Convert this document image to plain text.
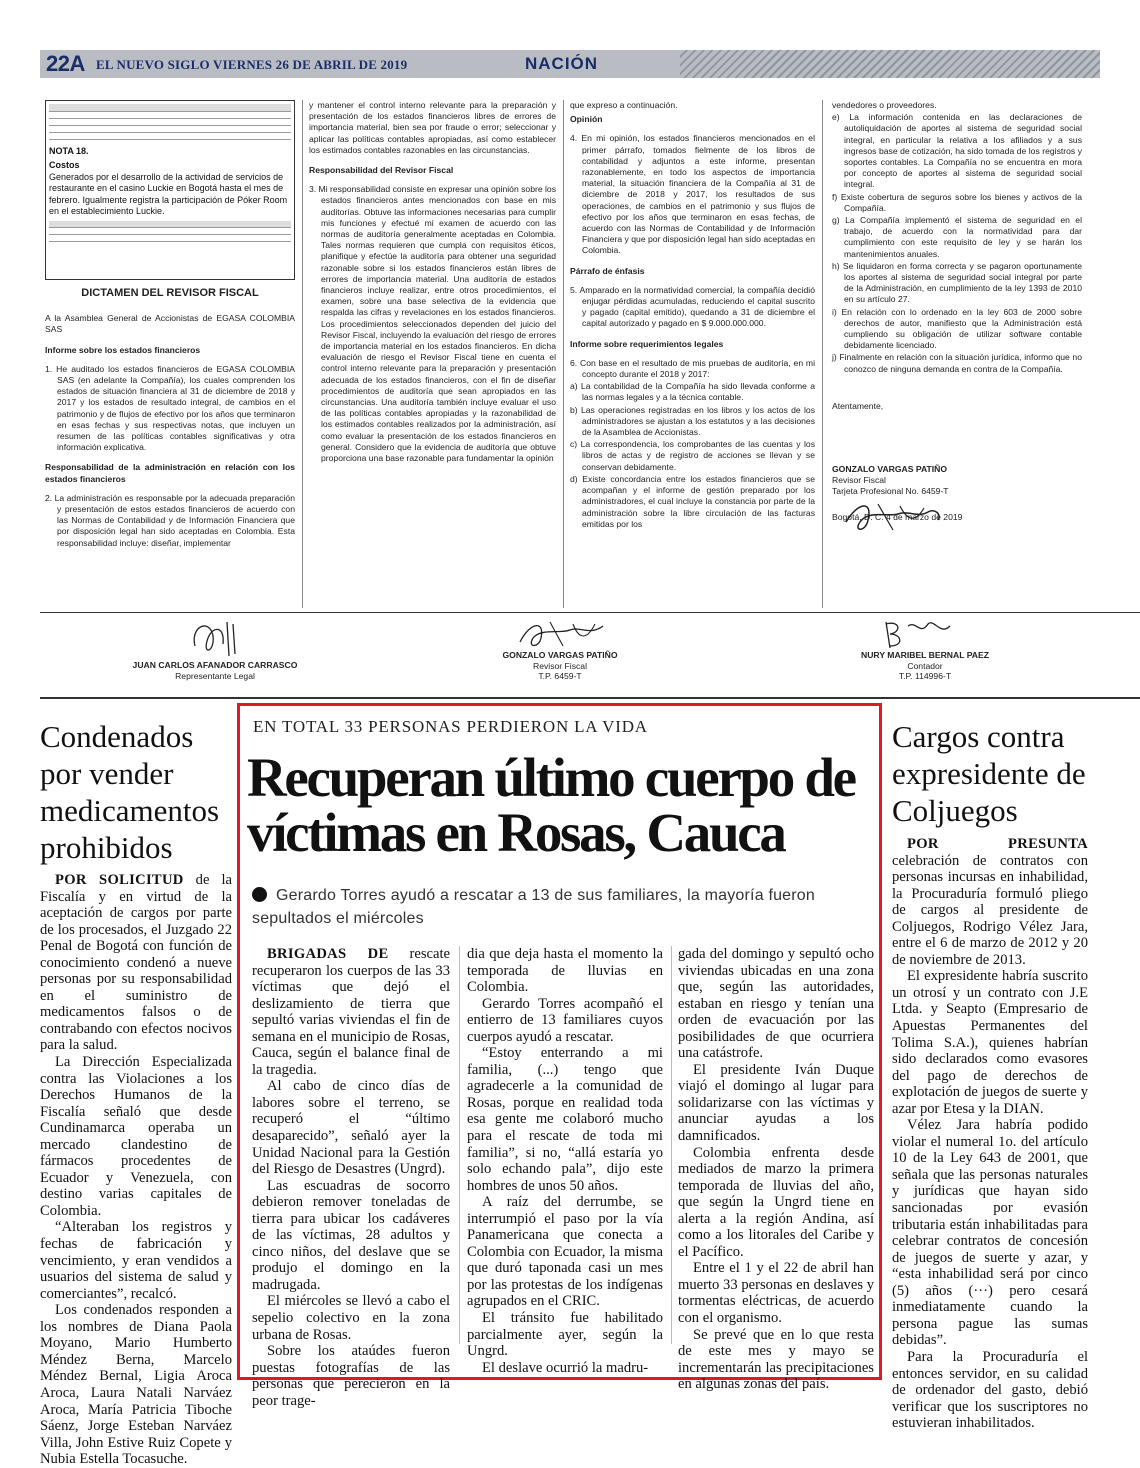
22A EL NUEVO SIGLO VIERNES 26 DE ABRIL DE 2019	NACIÓN

NOTA 18.
Costos
Generados por el desarrollo de la actividad de servicios de restaurante en el casino Luckie en Bogotá hasta el mes de febrero. Igualmente registra la participación de Póker Room en el establecimiento Luckie.

DICTAMEN DEL REVISOR FISCAL

A la Asamblea General de Accionistas de EGASA COLOMBIA SAS

Informe sobre los estados financieros

1. He auditado los estados financieros de EGASA COLOMBIA SAS (en adelante la Compañía), los cuales comprenden los estados de situación financiera al 31 de diciembre de 2018 y 2017 y los estados de resultado integral, de cambios en el patrimonio y de flujos de efectivo por los años que terminaron en esas fechas y sus respectivas notas, que incluyen un resumen de las políticas contables significativas y otra información explicativa.

Responsabilidad de la administración en relación con los estados financieros

2. La administración es responsable por la adecuada preparación y presentación de estos estados financieros de acuerdo con las Normas de Contabilidad y de Información Financiera que por disposición legal han sido aceptadas en Colombia. Esta responsabilidad incluye: diseñar, implementar

y mantener el control interno relevante para la preparación y presentación de los estados financieros libres de errores de importancia material, bien sea por fraude o error; seleccionar y aplicar las políticas contables apropiadas, así como establecer los estimados contables razonables en las circunstancias.

Responsabilidad del Revisor Fiscal

3. Mi responsabilidad consiste en expresar una opinión sobre los estados financieros antes mencionados con base en mis auditorías. Obtuve las informaciones necesarias para cumplir mis funciones y efectué mi examen de acuerdo con las normas de auditoría generalmente aceptadas en Colombia. Tales normas requieren que cumpla con requisitos éticos, planifique y efectúe la auditoría para obtener una seguridad razonable sobre si los estados financieros están libres de errores de importancia material. Una auditoría de estados financieros incluye realizar, entre otros procedimientos, el examen, sobre una base selectiva de la evidencia que respalda las cifras y revelaciones en los estados financieros. Los procedimientos seleccionados dependen del juicio del Revisor Fiscal, incluyendo la evaluación del riesgo de errores de importancia material en los estados financieros. En dicha evaluación de riesgo el Revisor Fiscal tiene en cuenta el control interno relevante para la preparación y presentación adecuada de los estados financieros, con el fin de diseñar procedimientos de auditoría que sean apropiados en las circunstancias. Una auditoría también incluye evaluar el uso de las políticas contables apropiadas y la razonabilidad de los estimados contables realizados por la administración, así como evaluar la presentación de los estados financieros en general. Considero que la evidencia de auditoría que obtuve proporciona una base razonable para fundamentar la opinión

que expreso a continuación.

Opinión

4. En mi opinión, los estados financieros mencionados en el primer párrafo, tomados fielmente de los libros de contabilidad y adjuntos a este informe, presentan razonablemente, en todo los aspectos de importancia material, la situación financiera de la Compañía al 31 de diciembre de 2018 y 2017, los resultados de sus operaciones, de cambios en el patrimonio y sus flujos de efectivo por los años que terminaron en esas fechas, de acuerdo con las Normas de Contabilidad y de Información Financiera y que por disposición legal han sido aceptadas en Colombia.

Párrafo de énfasis

5. Amparado en la normatividad comercial, la compañía decidió enjugar pérdidas acumuladas, reduciendo el capital suscrito y pagado (capital emitido), quedando a 31 de diciembre el capital autorizado y pagado en $ 9.000.000.000.

Informe sobre requerimientos legales

6. Con base en el resultado de mis pruebas de auditoría, en mi concepto durante el 2018 y 2017:

a) La contabilidad de la Compañía ha sido llevada conforme a las normas legales y a la técnica contable.

b) Las operaciones registradas en los libros y los actos de los administradores se ajustan a los estatutos y a las decisiones de la Asamblea de Accionistas.

c) La correspondencia, los comprobantes de las cuentas y los libros de actas y de registro de acciones se llevan y se conservan debidamente.

d) Existe concordancia entre los estados financieros que se acompañan y el informe de gestión preparado por los administradores, el cual incluye la constancia por parte de la administración sobre la libre circulación de las facturas emitidas por los

vendedores o proveedores.

e) La información contenida en las declaraciones de autoliquidación de aportes al sistema de seguridad social integral, en particular la relativa a los afiliados y a sus ingresos base de cotización, ha sido tomada de los registros y soportes contables. La Compañía no se encuentra en mora por concepto de aportes al sistema de seguridad social integral.

f) Existe cobertura de seguros sobre los bienes y activos de la Compañía.

g) La Compañía implementó el sistema de seguridad en el trabajo, de acuerdo con la normatividad para dar cumplimiento con este requisito de ley y se harán los mantenimientos anuales.

h) Se liquidaron en forma correcta y se pagaron oportunamente los aportes al sistema de seguridad social integral por parte de la Administración, en cumplimiento de la ley 1393 de 2010 en su artículo 27.

i) En relación con lo ordenado en la ley 603 de 2000 sobre derechos de autor, manifiesto que la Administración está cumpliendo su obligación de utilizar software contable debidamente licenciado.

j) Finalmente en relación con la situación jurídica, informo que no conozco de ninguna demanda en contra de la Compañía.

Atentamente,

GONZALO VARGAS PATIÑO
Revisor Fiscal
Tarjeta Profesional No. 6459-T
Bogotá, D. C. 4 de marzo de 2019
JUAN CARLOS AFANADOR CARRASCO
Representante Legal
GONZALO VARGAS PATIÑO
Revisor Fiscal
T.P. 6459-T
NURY MARIBEL BERNAL PAEZ
Contador
T.P. 114996-T
Condenados por vender medicamentos prohibidos

POR SOLICITUD de la Fiscalía y en virtud de la aceptación de cargos por parte de los procesados, el Juzgado 22 Penal de Bogotá con función de conocimiento condenó a nueve personas por su responsabilidad en el suministro de medicamentos falsos o de contrabando con efectos nocivos para la salud.

La Dirección Especializada contra las Violaciones a los Derechos Humanos de la Fiscalía señaló que desde Cundinamarca operaba un mercado clandestino de fármacos procedentes de Ecuador y Venezuela, con destino varias capitales de Colombia.

“Alteraban los registros y fechas de fabricación y vencimiento, y eran vendidos a usuarios del sistema de salud y comerciantes”, recalcó.

Los condenados responden a los nombres de Diana Paola Moyano, Mario Humberto Méndez Berna, Marcelo Méndez Bernal, Ligia Aroca Aroca, Laura Natali Narváez Aroca, María Patricia Tiboche Sáenz, Jorge Esteban Narváez Villa, John Estive Ruiz Copete y Nubia Estella Tocasuche.

EN TOTAL 33 PERSONAS PERDIERON LA VIDA
Recuperan último cuerpo de víctimas en Rosas, Cauca
Gerardo Torres ayudó a rescatar a 13 de sus familiares, la mayoría fueron sepultados el miércoles

BRIGADAS DE rescate recuperaron los cuerpos de las 33 víctimas que dejó el deslizamiento de tierra que sepultó varias viviendas el fin de semana en el municipio de Rosas, Cauca, según el balance final de la tragedia.

Al cabo de cinco días de labores sobre el terreno, se recuperó el “último desaparecido”, señaló ayer la Unidad Nacional para la Gestión del Riesgo de Desastres (Ungrd).

Las escuadras de socorro debieron remover toneladas de tierra para ubicar los cadáveres de las víctimas, 28 adultos y cinco niños, del deslave que se produjo el domingo en la madrugada.

El miércoles se llevó a cabo el sepelio colectivo en la zona urbana de Rosas.

Sobre los ataúdes fueron puestas fotografías de las personas que perecieron en la peor trage-

dia que deja hasta el momento la temporada de lluvias en Colombia.

Gerardo Torres acompañó el entierro de 13 familiares cuyos cuerpos ayudó a rescatar.

“Estoy enterrando a mi familia, (...) tengo que agradecerle a la comunidad de Rosas, porque en realidad toda esa gente me colaboró mucho para el rescate de toda mi familia”, si no, “allá estaría yo solo echando pala”, dijo este hombres de unos 50 años.

A raíz del derrumbe, se interrumpió el paso por la vía Panamericana que conecta a Colombia con Ecuador, la misma que duró taponada casi un mes por las protestas de los indígenas agrupados en el CRIC.

El tránsito fue habilitado parcialmente ayer, según la Ungrd.

El deslave ocurrió la madru-

gada del domingo y sepultó ocho viviendas ubicadas en una zona que, según las autoridades, estaban en riesgo y tenían una orden de evacuación por las posibilidades de que ocurriera una catástrofe.

El presidente Iván Duque viajó el domingo al lugar para solidarizarse con las víctimas y anunciar ayudas a los damnificados.

Colombia enfrenta desde mediados de marzo la primera temporada de lluvias del año, que según la Ungrd tiene en alerta a la región Andina, así como a los litorales del Caribe y el Pacífico.

Entre el 1 y el 22 de abril han muerto 33 personas en deslaves y tormentas eléctricas, de acuerdo con el organismo.

Se prevé que en lo que resta de este mes y mayo se incrementarán las precipitaciones en algunas zonas del país.

Cargos contra expresidente de Coljuegos

POR PRESUNTA celebración de contratos con personas incursas en inhabilidad, la Procuraduría formuló pliego de cargos al presidente de Coljuegos, Rodrigo Vélez Jara, entre el 6 de marzo de 2012 y 20 de noviembre de 2013.

El expresidente habría suscrito un otrosí y un contrato con J.E Ltda. y Seapto (Empresario de Apuestas Permanentes del Tolima S.A.), quienes habrían sido declarados como evasores del pago de derechos de explotación de juegos de suerte y azar por Etesa y la DIAN.

Vélez Jara habría podido violar el numeral 1o. del artículo 10 de la Ley 643 de 2001, que señala que las personas naturales y jurídicas que hayan sido sancionadas por evasión tributaria están inhabilitadas para celebrar contratos de concesión de juegos de suerte y azar, y “esta inhabilidad será por cinco (5) años (···) pero cesará inmediatamente cuando la persona pague las sumas debidas”.

Para la Procuraduría el entonces servidor, en su calidad de ordenador del gasto, debió verificar que los suscriptores no estuvieran inhabilitados.
